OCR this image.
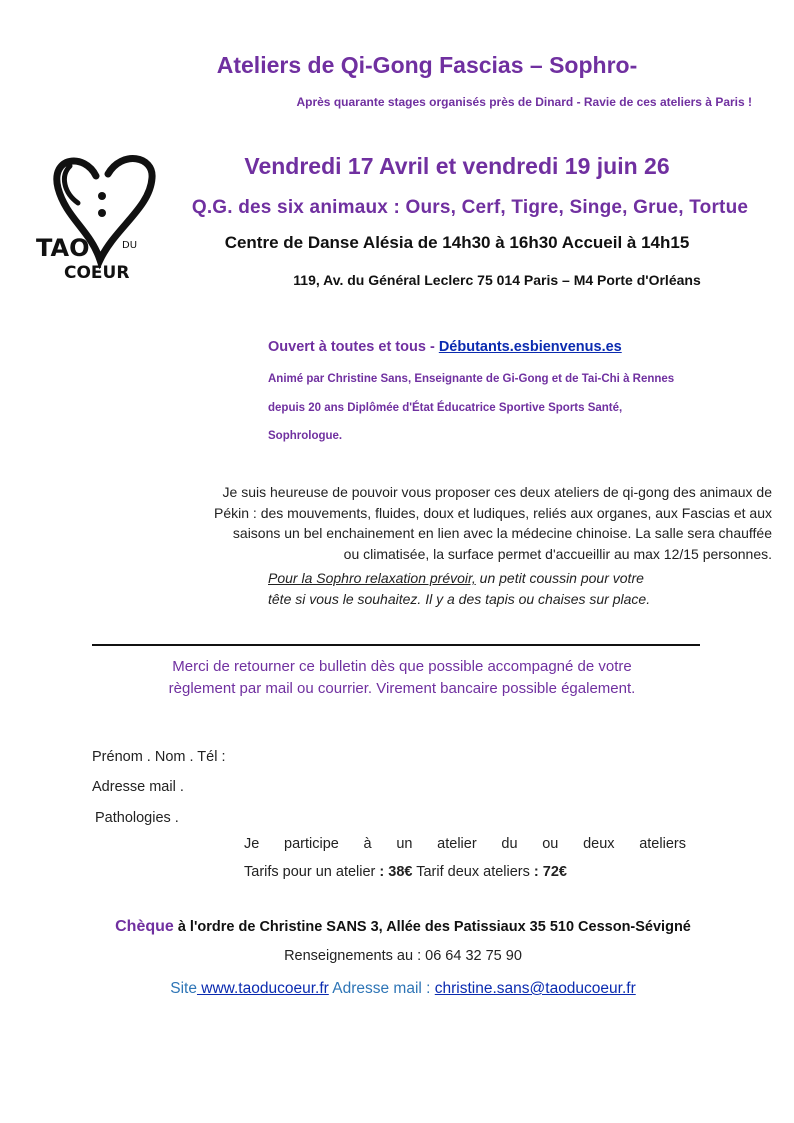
Ateliers de Qi-Gong Fascias – Sophro-
Après quarante stages organisés près de Dinard - Ravie de ces ateliers à Paris !
TAO	DU
COEUR
Vendredi 17 Avril et vendredi 19 juin 26
Q.G. des six animaux : Ours, Cerf, Tigre, Singe, Grue, Tortue
Centre de Danse Alésia de 14h30 à 16h30 Accueil à 14h15
119, Av. du Général Leclerc 75 014 Paris – M4 Porte d'Orléans
Ouvert à toutes et tous - Débutants.esbienvenus.es
Animé par Christine Sans, Enseignante de Gi-Gong et de Tai-Chi à Rennes
depuis 20 ans Diplômée d'État Éducatrice Sportive Sports Santé,
Sophrologue.
Je suis heureuse de pouvoir vous proposer ces deux ateliers de qi-gong des animaux de
Pékin : des mouvements, fluides, doux et ludiques, reliés aux organes, aux Fascias et aux
saisons un bel enchainement en lien avec la médecine chinoise. La salle sera chauffée
ou climatisée, la surface permet d'accueillir au max 12/15 personnes.
Pour la Sophro relaxation prévoir, un petit coussin pour votre
tête si vous le souhaitez. Il y a des tapis ou chaises sur place.
Merci de retourner ce bulletin dès que possible accompagné de votre
règlement par mail ou courrier. Virement bancaire possible également.
Prénom . Nom . Tél :
Adresse mail .
Pathologies .
Je participe à un atelier du ou deux ateliers
Tarifs pour un atelier : 38€ Tarif deux ateliers : 72€
Chèque à l'ordre de Christine SANS 3, Allée des Patissiaux 35 510 Cesson-Sévigné
Renseignements au : 06 64 32 75 90
Site www.taoducoeur.fr Adresse mail : christine.sans@taoducoeur.fr
